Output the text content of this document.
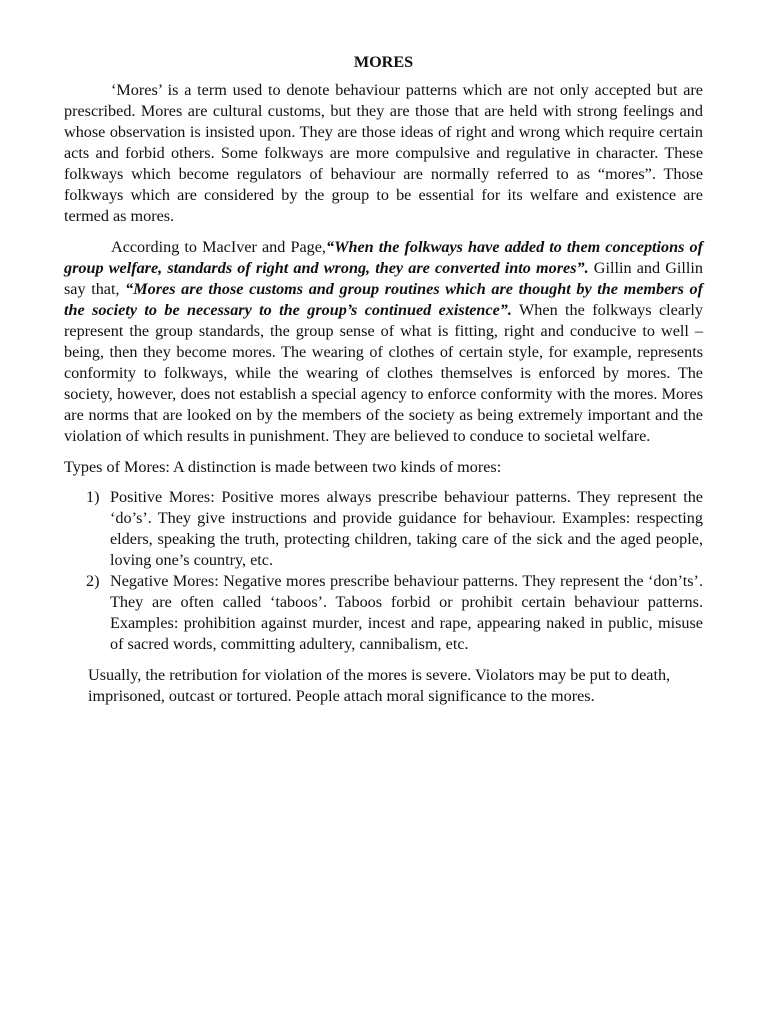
MORES

‘Mores’ is a term used to denote behaviour patterns which are not only accepted but are prescribed. Mores are cultural customs, but they are those that are held with strong feelings and whose observation is insisted upon. They are those ideas of right and wrong which require certain acts and forbid others. Some folkways are more compulsive and regulative in character. These folkways which become regulators of behaviour are normally referred to as “mores”. Those folkways which are considered by the group to be essential for its welfare and existence are termed as mores.

According to MacIver and Page,“When the folkways have added to them conceptions of group welfare, standards of right and wrong, they are converted into mores”. Gillin and Gillin say that, “Mores are those customs and group routines which are thought by the members of the society to be necessary to the group’s continued existence”. When the folkways clearly represent the group standards, the group sense of what is fitting, right and conducive to well – being, then they become mores. The wearing of clothes of certain style, for example, represents conformity to folkways, while the wearing of clothes themselves is enforced by mores. The society, however, does not establish a special agency to enforce conformity with the mores. Mores are norms that are looked on by the members of the society as being extremely important and the violation of which results in punishment. They are believed to conduce to societal welfare.

Types of Mores: A distinction is made between two kinds of mores:

1) Positive Mores: Positive mores always prescribe behaviour patterns. They represent the ‘do’s’. They give instructions and provide guidance for behaviour. Examples: respecting elders, speaking the truth, protecting children, taking care of the sick and the aged people, loving one’s country, etc.
2) Negative Mores: Negative mores prescribe behaviour patterns. They represent the ‘don’ts’. They are often called ‘taboos’. Taboos forbid or prohibit certain behaviour patterns. Examples: prohibition against murder, incest and rape, appearing naked in public, misuse of sacred words, committing adultery, cannibalism, etc.

Usually, the retribution for violation of the mores is severe. Violators may be put to death, imprisoned, outcast or tortured. People attach moral significance to the mores.
